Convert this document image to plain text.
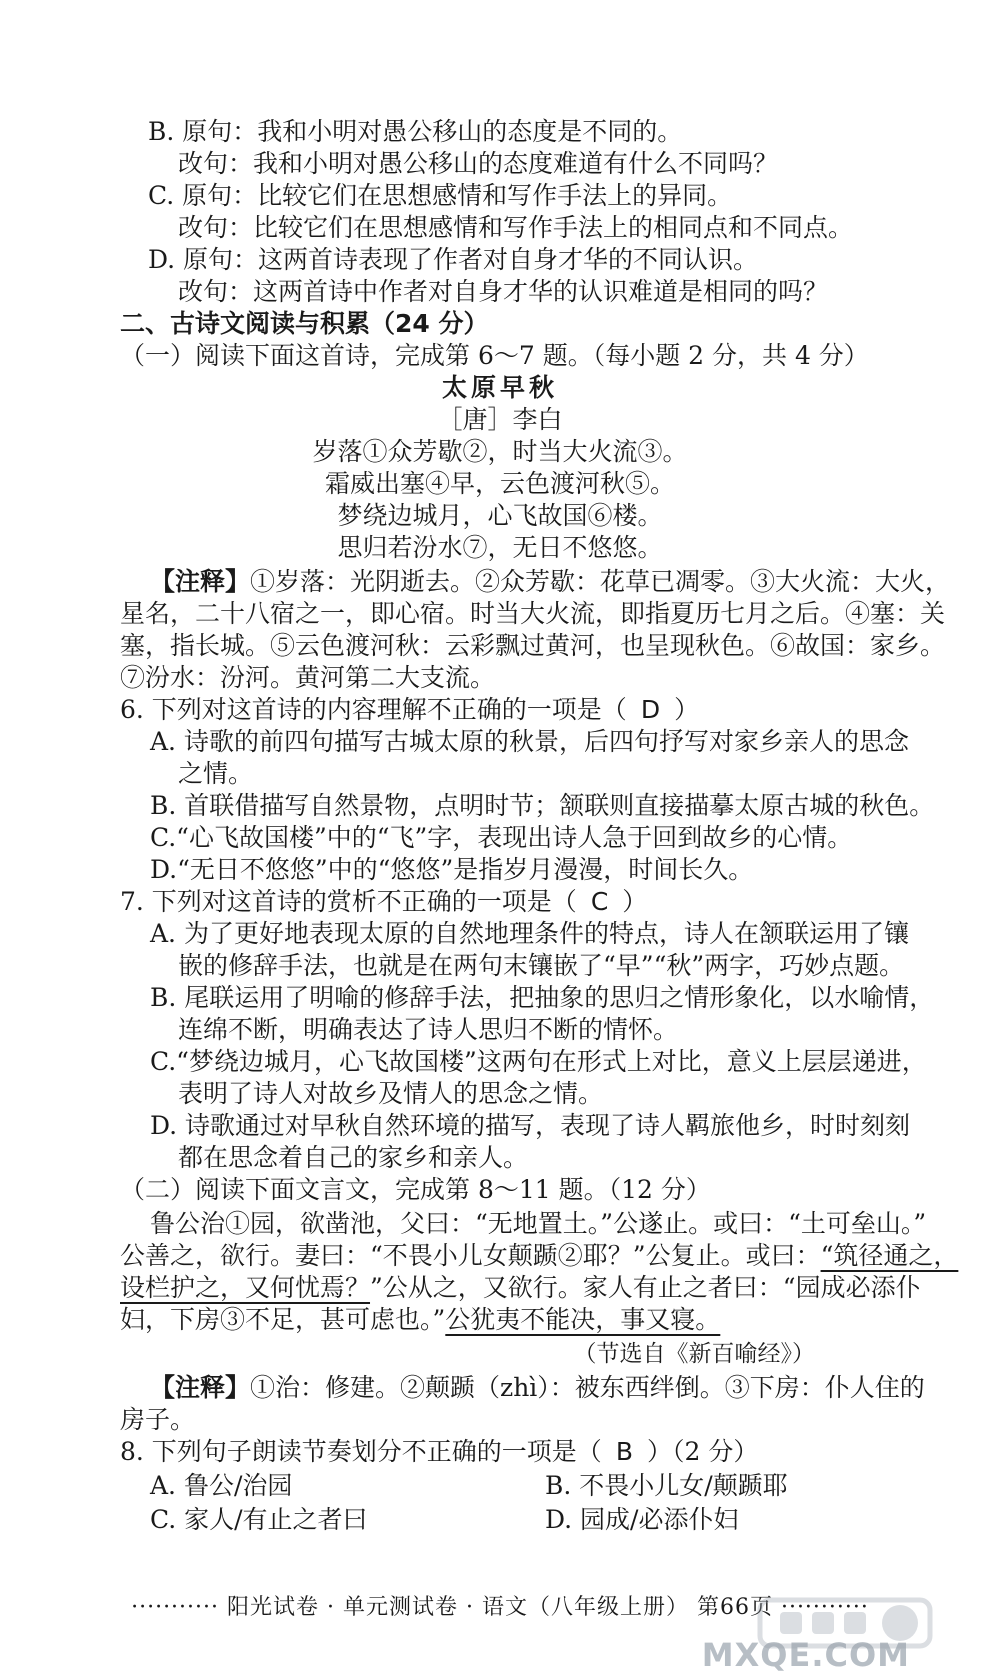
B. 原句：我和小明对愚公移山的态度是不同的。
改句：我和小明对愚公移山的态度难道有什么不同吗？
C. 原句：比较它们在思想感情和写作手法上的异同。
改句：比较它们在思想感情和写作手法上的相同点和不同点。
D. 原句：这两首诗表现了作者对自身才华的不同认识。
改句：这两首诗中作者对自身才华的认识难道是相同的吗？
二、古诗文阅读与积累（24 分）
（一）阅读下面这首诗，完成第 6～7 题。（每小题 2 分，共 4 分）
太原早秋
［唐］李白
岁落①众芳歇②，时当大火流③。
霜威出塞④早，云色渡河秋⑤。
梦绕边城月，心飞故国⑥楼。
思归若汾水⑦，无日不悠悠。
【注释】①岁落：光阴逝去。②众芳歇：花草已凋零。③大火流：大火，
星名，二十八宿之一，即心宿。时当大火流，即指夏历七月之后。④塞：关
塞，指长城。⑤云色渡河秋：云彩飘过黄河，也呈现秋色。⑥故国：家乡。
⑦汾水：汾河。黄河第二大支流。
6. 下列对这首诗的内容理解不正确的一项是（ D ）
A. 诗歌的前四句描写古城太原的秋景，后四句抒写对家乡亲人的思念
之情。
B. 首联借描写自然景物，点明时节；颔联则直接描摹太原古城的秋色。
C.“心飞故国楼”中的“飞”字，表现出诗人急于回到故乡的心情。
D.“无日不悠悠”中的“悠悠”是指岁月漫漫，时间长久。
7. 下列对这首诗的赏析不正确的一项是（ C ）
A. 为了更好地表现太原的自然地理条件的特点，诗人在颔联运用了镶
嵌的修辞手法，也就是在两句末镶嵌了“早”“秋”两字，巧妙点题。
B. 尾联运用了明喻的修辞手法，把抽象的思归之情形象化，以水喻情，
连绵不断，明确表达了诗人思归不断的情怀。
C.“梦绕边城月，心飞故国楼”这两句在形式上对比，意义上层层递进，
表明了诗人对故乡及情人的思念之情。
D. 诗歌通过对早秋自然环境的描写，表现了诗人羁旅他乡，时时刻刻
都在思念着自己的家乡和亲人。
（二）阅读下面文言文，完成第 8～11 题。（12 分）
鲁公治①园，欲凿池，父曰：“无地置土。”公遂止。或曰：“土可垒山。”
公善之，欲行。妻曰：“不畏小儿女颠踬②耶？”公复止。或曰：“筑径通之，
设栏护之，又何忧焉？”公从之，又欲行。家人有止之者曰：“园成必添仆
妇，下房③不足，甚可虑也。”公犹夷不能决，事又寝。
（节选自《新百喻经》）
【注释】①治：修建。②颠踬（zhì）：被东西绊倒。③下房：仆人住的
房子。
8. 下列句子朗读节奏划分不正确的一项是（ B ）（2 分）
A. 鲁公/治园	B. 不畏小儿女/颠踬耶
C. 家人/有止之者曰	D. 园成/必添仆妇
··········· 阳光试卷 · 单元测试卷 · 语文（八年级上册） 第66页 ···········
MXQE.COM
